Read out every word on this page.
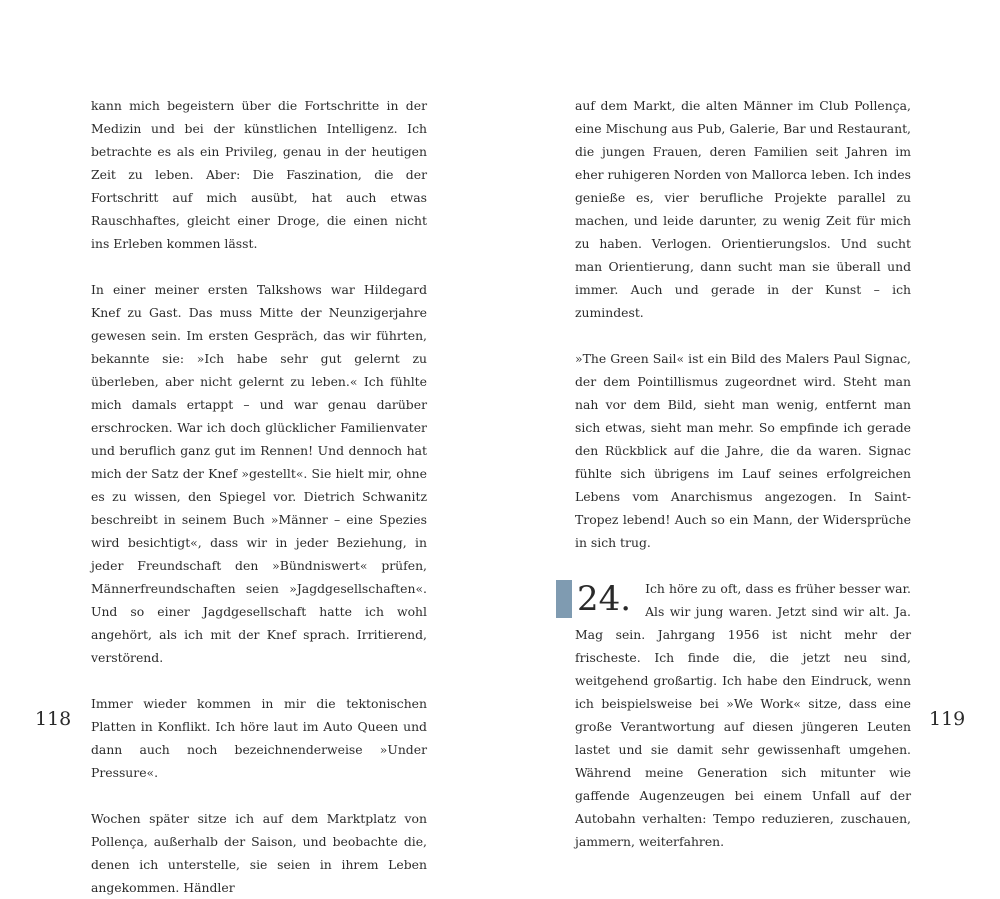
kann mich begeistern über die Fortschritte in der Medizin und bei der künstlichen Intelligenz. Ich betrachte es als ein Privileg, genau in der heutigen Zeit zu leben. Aber: Die Faszination, die der Fortschritt auf mich ausübt, hat auch etwas Rauschhaftes, gleicht einer Droge, die einen nicht ins Erleben kommen lässt.

In einer meiner ersten Talkshows war Hildegard Knef zu Gast. Das muss Mitte der Neunzigerjahre gewesen sein. Im ersten Gespräch, das wir führten, bekannte sie: »Ich habe sehr gut gelernt zu überleben, aber nicht gelernt zu leben.« Ich fühlte mich damals ertappt – und war genau darüber erschrocken. War ich doch glücklicher Familienvater und beruflich ganz gut im Rennen! Und dennoch hat mich der Satz der Knef »gestellt«. Sie hielt mir, ohne es zu wissen, den Spiegel vor. Dietrich Schwanitz beschreibt in seinem Buch »Männer – eine Spezies wird besichtigt«, dass wir in jeder Beziehung, in jeder Freundschaft den »Bündniswert« prüfen, Männerfreundschaften seien »Jagdgesellschaften«. Und so einer Jagdgesellschaft hatte ich wohl angehört, als ich mit der Knef sprach. Irritierend, verstörend.

Immer wieder kommen in mir die tektonischen Platten in Konflikt. Ich höre laut im Auto Queen und dann auch noch bezeichnenderweise »Under Pressure«.

Wochen später sitze ich auf dem Marktplatz von Pollença, außerhalb der Saison, und beobachte die, denen ich unterstelle, sie seien in ihrem Leben angekommen. Händler

118

auf dem Markt, die alten Männer im Club Pollença, eine Mischung aus Pub, Galerie, Bar und Restaurant, die jungen Frauen, deren Familien seit Jahren im eher ruhigeren Norden von Mallorca leben. Ich indes genieße es, vier berufliche Projekte parallel zu machen, und leide darunter, zu wenig Zeit für mich zu haben. Verlogen. Orientierungslos. Und sucht man Orientierung, dann sucht man sie überall und immer. Auch und gerade in der Kunst – ich zumindest.

»The Green Sail« ist ein Bild des Malers Paul Signac, der dem Pointillismus zugeordnet wird. Steht man nah vor dem Bild, sieht man wenig, entfernt man sich etwas, sieht man mehr. So empfinde ich gerade den Rückblick auf die Jahre, die da waren. Signac fühlte sich übrigens im Lauf seines erfolgreichen Lebens vom Anarchismus angezogen. In Saint-Tropez lebend! Auch so ein Mann, der Widersprüche in sich trug.

24. Ich höre zu oft, dass es früher besser war. Als wir jung waren. Jetzt sind wir alt. Ja. Mag sein. Jahrgang 1956 ist nicht mehr der frischeste. Ich finde die, die jetzt neu sind, weitgehend großartig. Ich habe den Eindruck, wenn ich beispielsweise bei »We Work« sitze, dass eine große Verantwortung auf diesen jüngeren Leuten lastet und sie damit sehr gewissenhaft umgehen. Während meine Generation sich mitunter wie gaffende Augenzeugen bei einem Unfall auf der Autobahn verhalten: Tempo reduzieren, zuschauen, jammern, weiterfahren.
119
